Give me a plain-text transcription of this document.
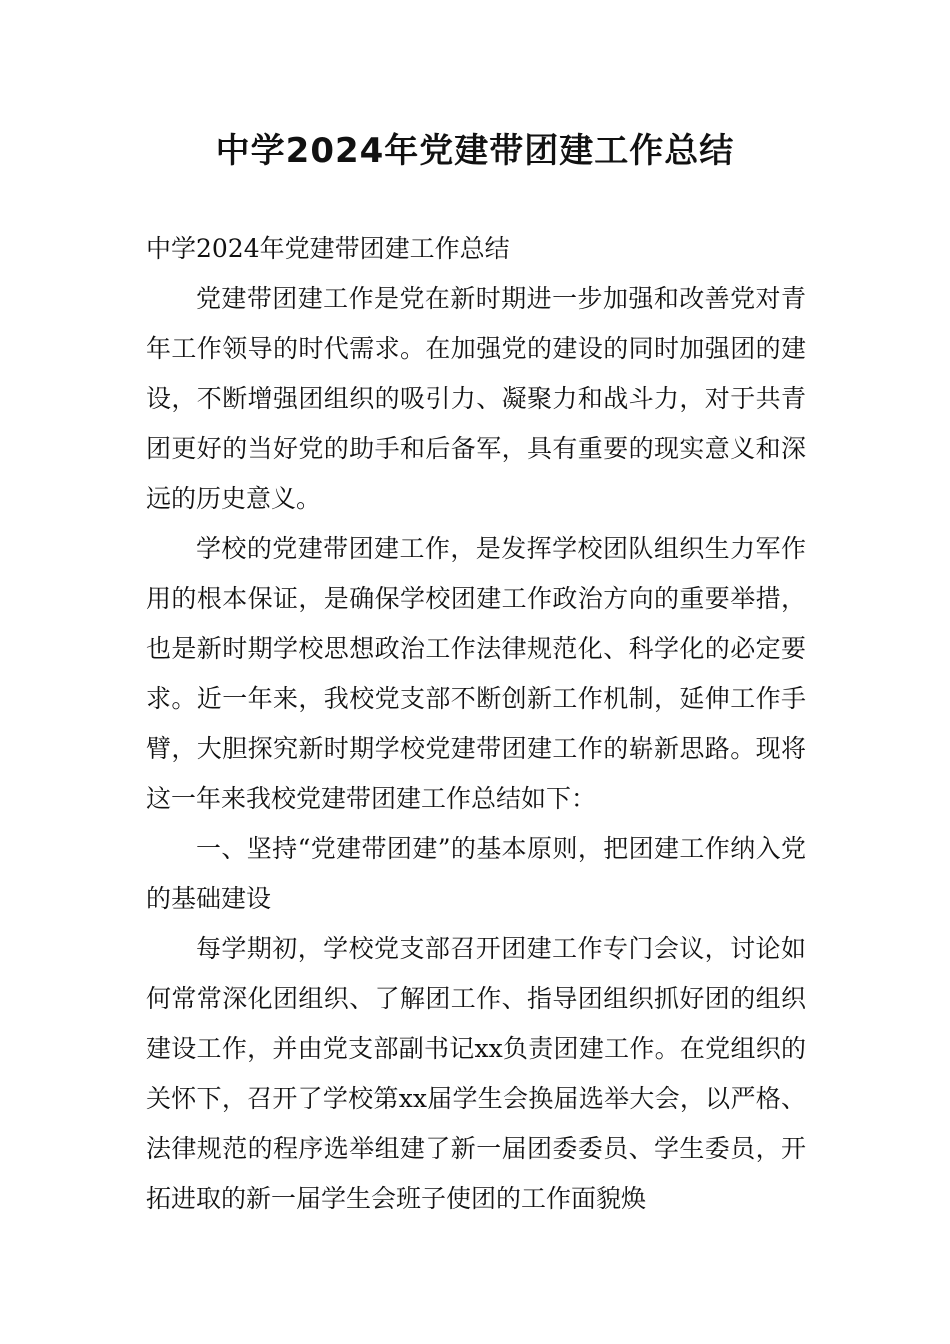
中学2024年党建带团建工作总结

中学2024年党建带团建工作总结

党建带团建工作是党在新时期进一步加强和改善党对青年工作领导的时代需求。在加强党的建设的同时加强团的建设，不断增强团组织的吸引力、凝聚力和战斗力，对于共青团更好的当好党的助手和后备军，具有重要的现实意义和深远的历史意义。

学校的党建带团建工作，是发挥学校团队组织生力军作用的根本保证，是确保学校团建工作政治方向的重要举措，也是新时期学校思想政治工作法律规范化、科学化的必定要求。近一年来，我校党支部不断创新工作机制，延伸工作手臂，大胆探究新时期学校党建带团建工作的崭新思路。现将这一年来我校党建带团建工作总结如下：

一、坚持“党建带团建”的基本原则，把团建工作纳入党的基础建设

每学期初，学校党支部召开团建工作专门会议，讨论如何常常深化团组织、了解团工作、指导团组织抓好团的组织建设工作，并由党支部副书记xx负责团建工作。在党组织的关怀下，召开了学校第xx届学生会换届选举大会，以严格、法律规范的程序选举组建了新一届团委委员、学生委员，开拓进取的新一届学生会班子使团的工作面貌焕
